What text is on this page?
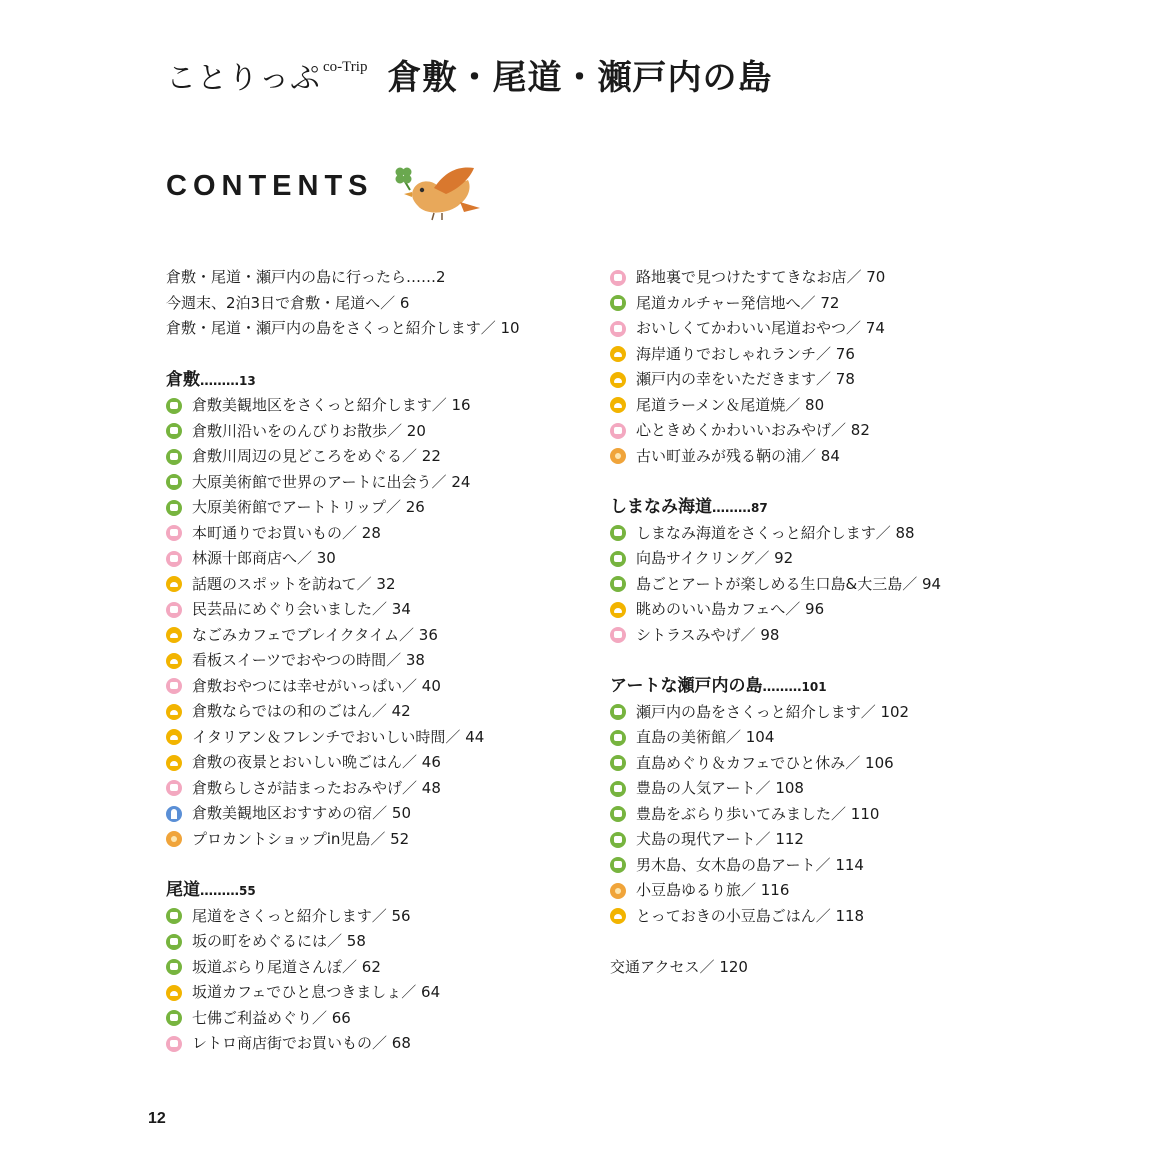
ことりっぷ co-Trip 倉敷・尾道・瀬戸内の島
CONTENTS
倉敷・尾道・瀬戸内の島に行ったら……2
今週末、2泊3日で倉敷・尾道へ／ 6
倉敷・尾道・瀬戸内の島をさくっと紹介します／ 10
倉敷………13
倉敷美観地区をさくっと紹介します／ 16
倉敷川沿いをのんびりお散歩／ 20
倉敷川周辺の見どころをめぐる／ 22
大原美術館で世界のアートに出会う／ 24
大原美術館でアートトリップ／ 26
本町通りでお買いもの／ 28
林源十郎商店へ／ 30
話題のスポットを訪ねて／ 32
民芸品にめぐり会いました／ 34
なごみカフェでブレイクタイム／ 36
看板スイーツでおやつの時間／ 38
倉敷おやつには幸せがいっぱい／ 40
倉敷ならではの和のごはん／ 42
イタリアン＆フレンチでおいしい時間／ 44
倉敷の夜景とおいしい晩ごはん／ 46
倉敷らしさが詰まったおみやげ／ 48
倉敷美観地区おすすめの宿／ 50
プロカントショップin児島／ 52
尾道………55
尾道をさくっと紹介します／ 56
坂の町をめぐるには／ 58
坂道ぶらり尾道さんぽ／ 62
坂道カフェでひと息つきましょ／ 64
七佛ご利益めぐり／ 66
レトロ商店街でお買いもの／ 68
路地裏で見つけたすてきなお店／ 70
尾道カルチャー発信地へ／ 72
おいしくてかわいい尾道おやつ／ 74
海岸通りでおしゃれランチ／ 76
瀬戸内の幸をいただきます／ 78
尾道ラーメン＆尾道焼／ 80
心ときめくかわいいおみやげ／ 82
古い町並みが残る鞆の浦／ 84
しまなみ海道………87
しまなみ海道をさくっと紹介します／ 88
向島サイクリング／ 92
島ごとアートが楽しめる生口島&大三島／ 94
眺めのいい島カフェへ／ 96
シトラスみやげ／ 98
アートな瀬戸内の島………101
瀬戸内の島をさくっと紹介します／ 102
直島の美術館／ 104
直島めぐり＆カフェでひと休み／ 106
豊島の人気アート／ 108
豊島をぶらり歩いてみました／ 110
犬島の現代アート／ 112
男木島、女木島の島アート／ 114
小豆島ゆるり旅／ 116
とっておきの小豆島ごはん／ 118
交通アクセス／ 120
12
